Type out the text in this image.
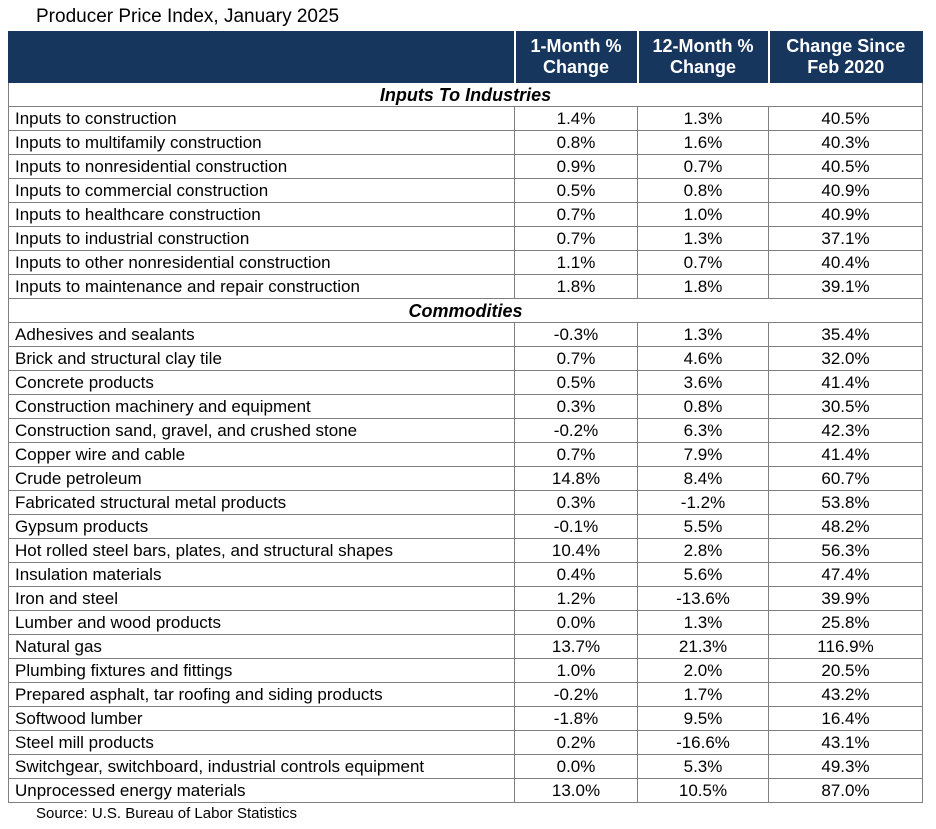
Producer Price Index, January 2025
	1-Month % Change	12-Month % Change	Change Since Feb 2020
Inputs To Industries			
Inputs to construction	1.4%	1.3%	40.5%
Inputs to multifamily construction	0.8%	1.6%	40.3%
Inputs to nonresidential construction	0.9%	0.7%	40.5%
Inputs to commercial construction	0.5%	0.8%	40.9%
Inputs to healthcare construction	0.7%	1.0%	40.9%
Inputs to industrial construction	0.7%	1.3%	37.1%
Inputs to other nonresidential construction	1.1%	0.7%	40.4%
Inputs to maintenance and repair construction	1.8%	1.8%	39.1%
Commodities			
Adhesives and sealants	-0.3%	1.3%	35.4%
Brick and structural clay tile	0.7%	4.6%	32.0%
Concrete products	0.5%	3.6%	41.4%
Construction machinery and equipment	0.3%	0.8%	30.5%
Construction sand, gravel, and crushed stone	-0.2%	6.3%	42.3%
Copper wire and cable	0.7%	7.9%	41.4%
Crude petroleum	14.8%	8.4%	60.7%
Fabricated structural metal products	0.3%	-1.2%	53.8%
Gypsum products	-0.1%	5.5%	48.2%
Hot rolled steel bars, plates, and structural shapes	10.4%	2.8%	56.3%
Insulation materials	0.4%	5.6%	47.4%
Iron and steel	1.2%	-13.6%	39.9%
Lumber and wood products	0.0%	1.3%	25.8%
Natural gas	13.7%	21.3%	116.9%
Plumbing fixtures and fittings	1.0%	2.0%	20.5%
Prepared asphalt, tar roofing and siding products	-0.2%	1.7%	43.2%
Softwood lumber	-1.8%	9.5%	16.4%
Steel mill products	0.2%	-16.6%	43.1%
Switchgear, switchboard, industrial controls equipment	0.0%	5.3%	49.3%
Unprocessed energy materials	13.0%	10.5%	87.0%
Source: U.S. Bureau of Labor Statistics
